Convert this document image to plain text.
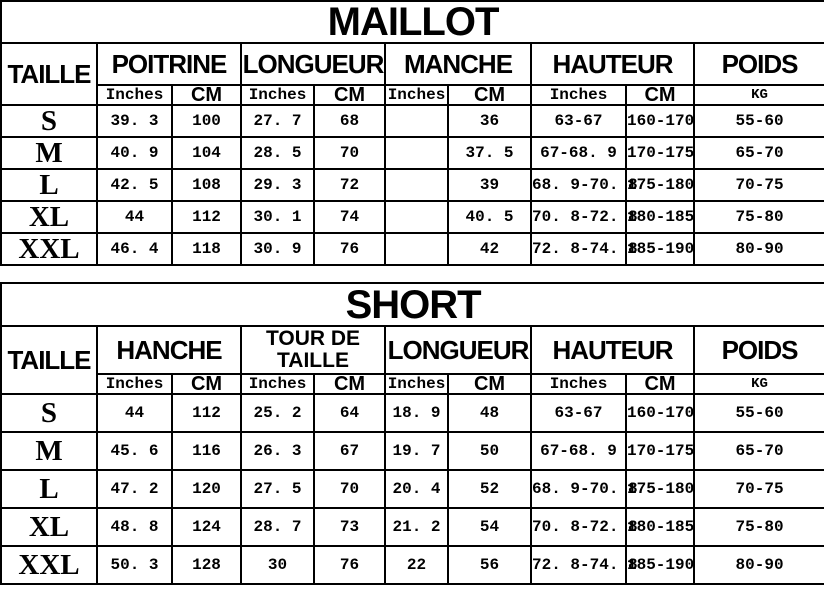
MAILLOT									
TAILLE	POITRINE		LONGUEUR		MANCHE		HAUTEUR		POIDS
	Inches	CM	Inches	CM	Inches	CM	Inches	CM	KG
S	39. 3	100	27. 7	68		36	63-67	160-170	55-60
M	40. 9	104	28. 5	70		37. 5	67-68. 9	170-175	65-70
L	42. 5	108	29. 3	72		39	68. 9-70. 8	175-180	70-75
XL	44	112	30. 1	74		40. 5	70. 8-72. 8	180-185	75-80
XXL	46. 4	118	30. 9	76		42	72. 8-74. 8	185-190	80-90
SHORT									
TAILLE	HANCHE		TOUR DE TAILLE		LONGUEUR		HAUTEUR		POIDS
	Inches	CM	Inches	CM	Inches	CM	Inches	CM	KG
S	44	112	25. 2	64	18. 9	48	63-67	160-170	55-60
M	45. 6	116	26. 3	67	19. 7	50	67-68. 9	170-175	65-70
L	47. 2	120	27. 5	70	20. 4	52	68. 9-70. 8	175-180	70-75
XL	48. 8	124	28. 7	73	21. 2	54	70. 8-72. 8	180-185	75-80
XXL	50. 3	128	30	76	22	56	72. 8-74. 8	185-190	80-90
